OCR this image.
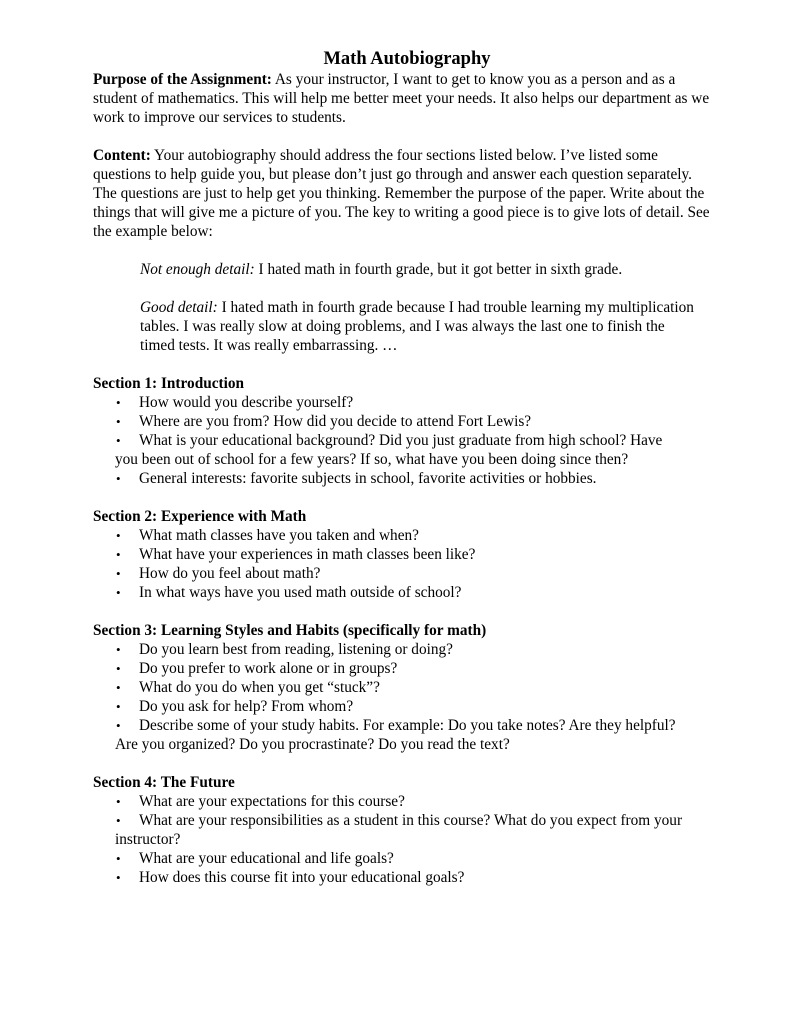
Math Autobiography

Purpose of the Assignment: As your instructor, I want to get to know you as a person and as a student of mathematics. This will help me better meet your needs. It also helps our department as we work to improve our services to students.

Content: Your autobiography should address the four sections listed below. I’ve listed some questions to help guide you, but please don’t just go through and answer each question separately. The questions are just to help get you thinking. Remember the purpose of the paper. Write about the things that will give me a picture of you. The key to writing a good piece is to give lots of detail. See the example below:

Not enough detail: I hated math in fourth grade, but it got better in sixth grade.

Good detail: I hated math in fourth grade because I had trouble learning my multiplication tables. I was really slow at doing problems, and I was always the last one to finish the timed tests. It was really embarrassing. …

Section 1: Introduction

• How would you describe yourself?
• Where are you from? How did you decide to attend Fort Lewis?
• What is your educational background? Did you just graduate from high school? Have
you been out of school for a few years? If so, what have you been doing since then?
• General interests: favorite subjects in school, favorite activities or hobbies.

Section 2: Experience with Math

• What math classes have you taken and when?
• What have your experiences in math classes been like?
• How do you feel about math?
• In what ways have you used math outside of school?

Section 3: Learning Styles and Habits (specifically for math)

• Do you learn best from reading, listening or doing?
• Do you prefer to work alone or in groups?
• What do you do when you get “stuck”?
• Do you ask for help? From whom?
• Describe some of your study habits. For example: Do you take notes? Are they helpful?
Are you organized? Do you procrastinate? Do you read the text?

Section 4: The Future

• What are your expectations for this course?
• What are your responsibilities as a student in this course? What do you expect from your
instructor?
• What are your educational and life goals?
• How does this course fit into your educational goals?
